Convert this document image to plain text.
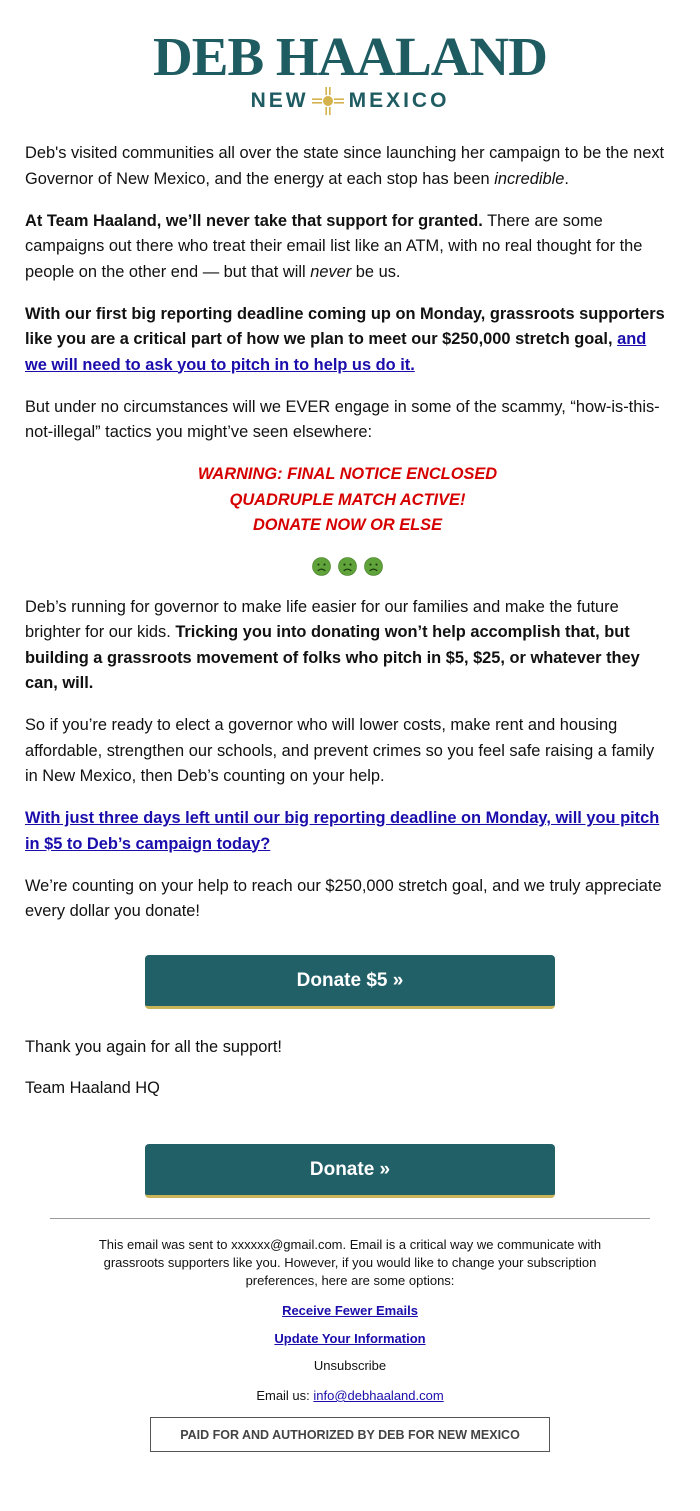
DEB HAALAND
NEW MEXICO

Deb's visited communities all over the state since launching her campaign to be the next Governor of New Mexico, and the energy at each stop has been incredible.

At Team Haaland, we’ll never take that support for granted. There are some campaigns out there who treat their email list like an ATM, with no real thought for the people on the other end — but that will never be us.

With our first big reporting deadline coming up on Monday, grassroots supporters like you are a critical part of how we plan to meet our $250,000 stretch goal, and we will need to ask you to pitch in to help us do it.

But under no circumstances will we EVER engage in some of the scammy, “how-is-this-not-illegal” tactics you might’ve seen elsewhere:

WARNING: FINAL NOTICE ENCLOSED
QUADRUPLE MATCH ACTIVE!
DONATE NOW OR ELSE

Deb’s running for governor to make life easier for our families and make the future brighter for our kids. Tricking you into donating won’t help accomplish that, but building a grassroots movement of folks who pitch in $5, $25, or whatever they can, will.

So if you’re ready to elect a governor who will lower costs, make rent and housing affordable, strengthen our schools, and prevent crimes so you feel safe raising a family in New Mexico, then Deb’s counting on your help.

With just three days left until our big reporting deadline on Monday, will you pitch in $5 to Deb’s campaign today?

We’re counting on your help to reach our $250,000 stretch goal, and we truly appreciate every dollar you donate!

Donate $5 »
Thank you again for all the support!
Team Haaland HQ
Donate »
This email was sent to xxxxxx@gmail.com. Email is a critical way we communicate with grassroots supporters like you. However, if you would like to change your subscription preferences, here are some options:
Receive Fewer Emails
Update Your Information
Unsubscribe
Email us: info@debhaaland.com
PAID FOR AND AUTHORIZED BY DEB FOR NEW MEXICO
